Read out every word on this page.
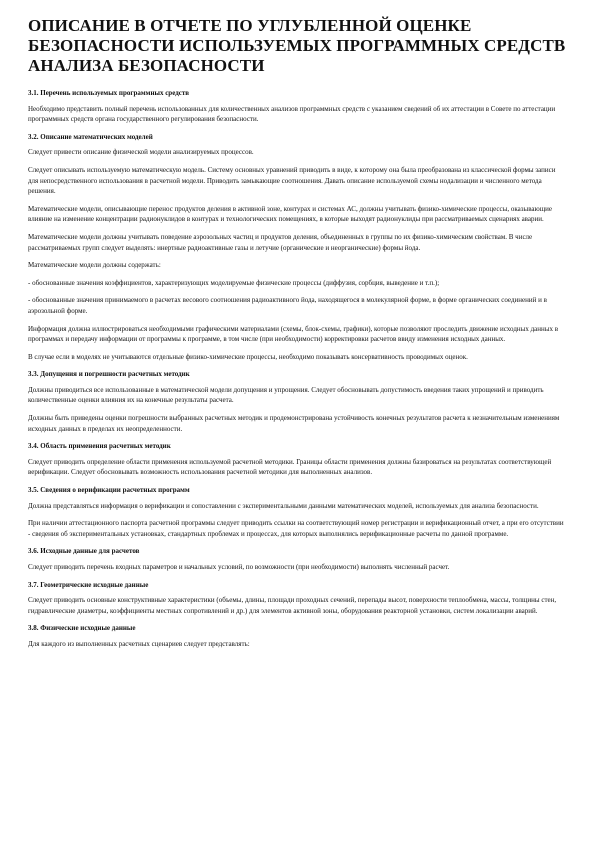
ОПИСАНИЕ В ОТЧЕТЕ ПО УГЛУБЛЕННОЙ ОЦЕНКЕ БЕЗОПАСНОСТИ ИСПОЛЬЗУЕМЫХ ПРОГРАММНЫХ СРЕДСТВ АНАЛИЗА БЕЗОПАСНОСТИ

3.1. Перечень используемых программных средств

Необходимо представить полный перечень использованных для количественных анализов программных средств с указанием сведений об их аттестации в Совете по аттестации программных средств органа государственного регулирования безопасности.

3.2. Описание математических моделей

Следует привести описание физической модели анализируемых процессов.

Следует описывать используемую математическую модель. Систему основных уравнений приводить в виде, к которому она была преобразована из классической формы записи для непосредственного использования в расчетной модели. Приводить замыкающие соотношения. Давать описание используемой схемы нодализации и численного метода решения.

Математические модели, описывающие перенос продуктов деления в активной зоне, контурах и системах АС, должны учитывать физико-химические процессы, оказывающие влияние на изменение концентрации радионуклидов в контурах и технологических помещениях, в которые выходят радионуклиды при рассматриваемых сценариях аварии.

Математические модели должны учитывать поведение аэрозольных частиц и продуктов деления, объединенных в группы по их физико-химическим свойствам. В числе рассматриваемых групп следует выделять: инертные радиоактивные газы и летучие (органические и неорганические) формы йода.

Математические модели должны содержать:

- обоснованные значения коэффициентов, характеризующих моделируемые физические процессы (диффузия, сорбция, выведение и т.п.);

- обоснованные значения принимаемого в расчетах весового соотношения радиоактивного йода, находящегося в молекулярной форме, в форме органических соединений и в аэрозольной форме.

Информация должна иллюстрироваться необходимыми графическими материалами (схемы, блок-схемы, графики), которые позволяют проследить движение исходных данных в программах и передачу информации от программы к программе, в том числе (при необходимости) корректировки расчетов ввиду изменения исходных данных.

В случае если в моделях не учитываются отдельные физико-химические процессы, необходимо показывать консервативность проводимых оценок.

3.3. Допущения и погрешности расчетных методик

Должны приводиться все использованные в математической модели допущения и упрощения. Следует обосновывать допустимость введения таких упрощений и приводить количественные оценки влияния их на конечные результаты расчета.

Должны быть приведены оценки погрешности выбранных расчетных методик и продемонстрирована устойчивость конечных результатов расчета к незначительным изменениям исходных данных в пределах их неопределенности.

3.4. Область применения расчетных методик

Следует приводить определение области применения используемой расчетной методики. Границы области применения должны базироваться на результатах соответствующей верификации. Следует обосновывать возможность использования расчетной методики для выполненных анализов.

3.5. Сведения о верификации расчетных программ

Должна представляться информация о верификации и сопоставлении с экспериментальными данными математических моделей, используемых для анализа безопасности.

При наличии аттестационного паспорта расчетной программы следует приводить ссылки на соответствующий номер регистрации и верификационный отчет, а при его отсутствии - сведения об экспериментальных установках, стандартных проблемах и процессах, для которых выполнялись верификационные расчеты по данной программе.

3.6. Исходные данные для расчетов

Следует приводить перечень входных параметров и начальных условий, по возможности (при необходимости) выполнять численный расчет.

3.7. Геометрические исходные данные

Следует приводить основные конструктивные характеристики (объемы, длины, площади проходных сечений, перепады высот, поверхности теплообмена, массы, толщины стен, гидравлические диаметры, коэффициенты местных сопротивлений и др.) для элементов активной зоны, оборудования реакторной установки, систем локализации аварий.

3.8. Физические исходные данные

Для каждого из выполненных расчетных сценариев следует представлять:
